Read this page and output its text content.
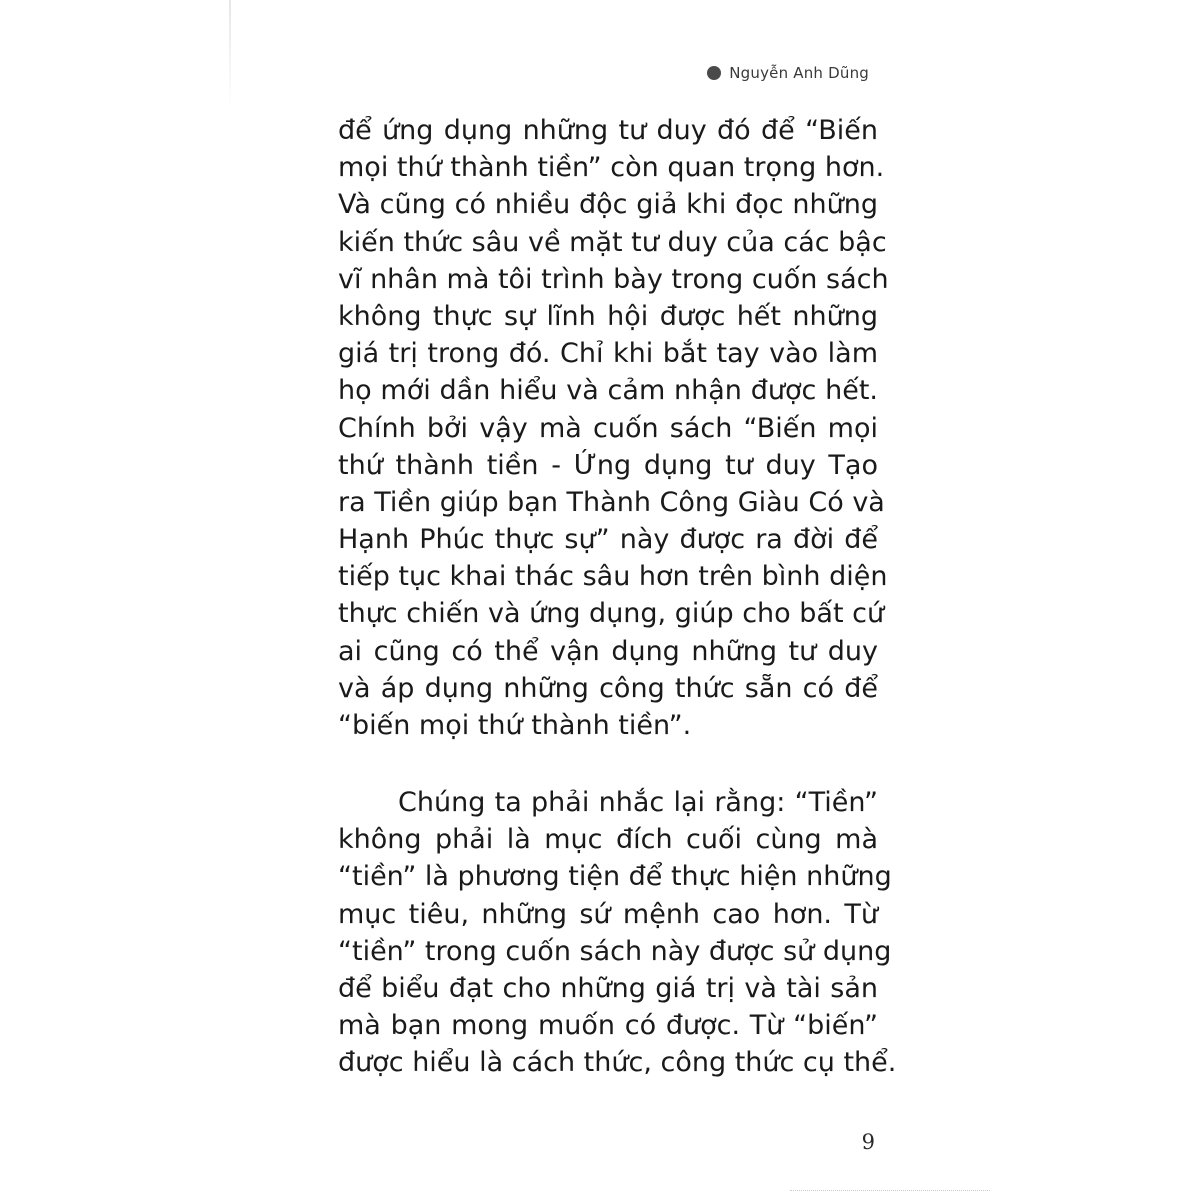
Nguyễn Anh Dũng
để ứng dụng những tư duy đó để “Biến
mọi thứ thành tiền” còn quan trọng hơn.
Và cũng có nhiều độc giả khi đọc những
kiến thức sâu về mặt tư duy của các bậc
vĩ nhân mà tôi trình bày trong cuốn sách
không thực sự lĩnh hội được hết những
giá trị trong đó. Chỉ khi bắt tay vào làm
họ mới dần hiểu và cảm nhận được hết.
Chính bởi vậy mà cuốn sách “Biến mọi
thứ thành tiền - Ứng dụng tư duy Tạo
ra Tiền giúp bạn Thành Công Giàu Có và
Hạnh Phúc thực sự” này được ra đời để
tiếp tục khai thác sâu hơn trên bình diện
thực chiến và ứng dụng, giúp cho bất cứ
ai cũng có thể vận dụng những tư duy
và áp dụng những công thức sẵn có để
“biến mọi thứ thành tiền”.
Chúng ta phải nhắc lại rằng: “Tiền”
không phải là mục đích cuối cùng mà
“tiền” là phương tiện để thực hiện những
mục tiêu, những sứ mệnh cao hơn. Từ
“tiền” trong cuốn sách này được sử dụng
để biểu đạt cho những giá trị và tài sản
mà bạn mong muốn có được. Từ “biến”
được hiểu là cách thức, công thức cụ thể.
9
